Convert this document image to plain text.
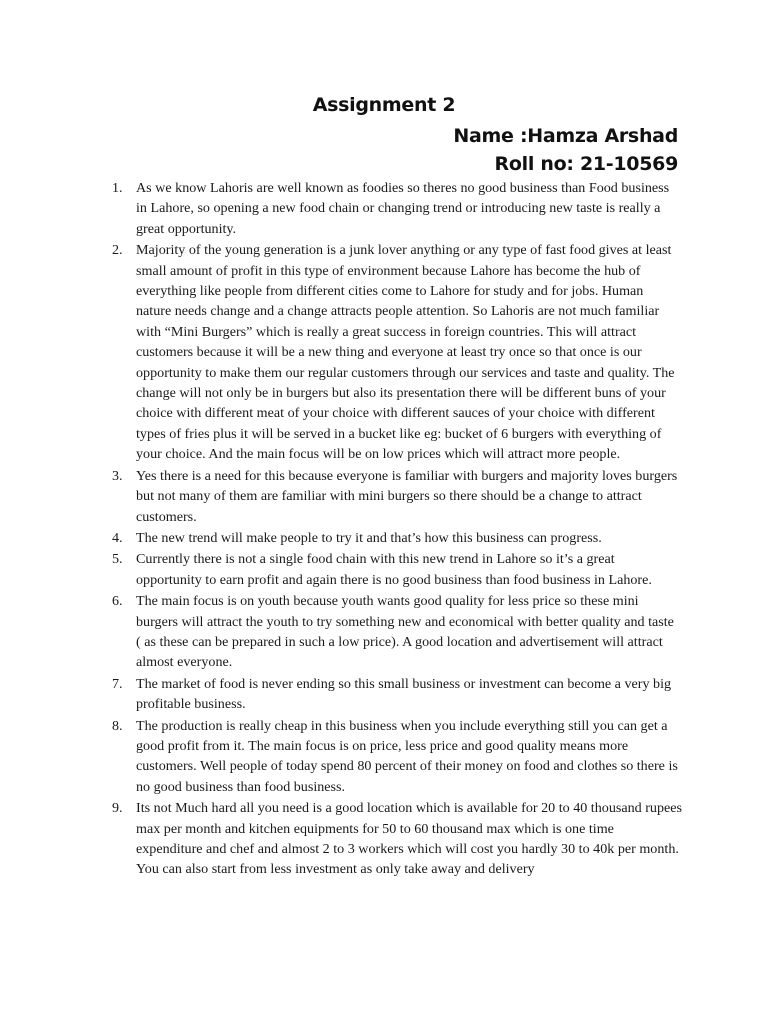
Assignment 2
Name :Hamza Arshad
Roll no: 21-10569
1. As we know Lahoris are well known as foodies so theres no good business than Food business in Lahore, so opening a new food chain or changing trend or introducing new taste is really a great opportunity.
2. Majority of the young generation is a junk lover anything or any type of fast food gives at least small amount of profit in this type of environment because Lahore has become the hub of everything like people from different cities come to Lahore for study and for jobs. Human nature needs change and a change attracts people attention. So Lahoris are not much familiar with “Mini Burgers” which is really a great success in foreign countries. This will attract customers because it will be a new thing and everyone at least try once so that once is our opportunity to make them our regular customers through our services and taste and quality. The change will not only be in burgers but also its presentation there will be different buns of your choice with different meat of your choice with different sauces of your choice with different types of fries plus it will be served in a bucket like eg: bucket of 6 burgers with everything of your choice. And the main focus will be on low prices which will attract more people.
3. Yes there is a need for this because everyone is familiar with burgers and majority loves burgers but not many of them are familiar with mini burgers so there should be a change to attract customers.
4. The new trend will make people to try it and that’s how this business can progress.
5. Currently there is not a single food chain with this new trend in Lahore so it’s a great opportunity to earn profit and again there is no good business than food business in Lahore.
6. The main focus is on youth because youth wants good quality for less price so these mini burgers will attract the youth to try something new and economical with better quality and taste ( as these can be prepared in such a low price). A good location and advertisement will attract almost everyone.
7. The market of food is never ending so this small business or investment can become a very big profitable business.
8. The production is really cheap in this business when you include everything still you can get a good profit from it. The main focus is on price, less price and good quality means more customers. Well people of today spend 80 percent of their money on food and clothes so there is no good business than food business.
9. Its not Much hard all you need is a good location which is available for 20 to 40 thousand rupees max per month and kitchen equipments for 50 to 60 thousand max which is one time expenditure and chef and almost 2 to 3 workers which will cost you hardly 30 to 40k per month. You can also start from less investment as only take away and delivery
